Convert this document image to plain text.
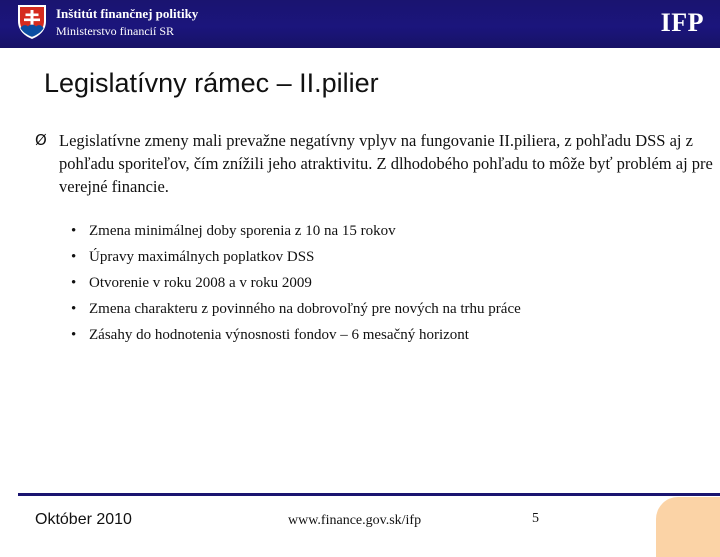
Inštitút finančnej politiky
Ministerstvo financií SR	IFP
Legislatívny rámec – II.pilier
Ø Legislatívne zmeny mali prevažne negatívny vplyv na fungovanie II.piliera, z pohľadu DSS aj z pohľadu sporiteľov, čím znížili jeho atraktivitu. Z dlhodobého pohľadu to môže byť problém aj pre verejné financie.
• Zmena minimálnej doby sporenia z 10 na 15 rokov
• Úpravy maximálnych poplatkov DSS
• Otvorenie v roku 2008 a v roku 2009
• Zmena charakteru z povinného na dobrovoľný pre nových na trhu práce
• Zásahy do hodnotenia výnosnosti fondov – 6 mesačný horizont
Október 2010	www.finance.gov.sk/ifp	5
